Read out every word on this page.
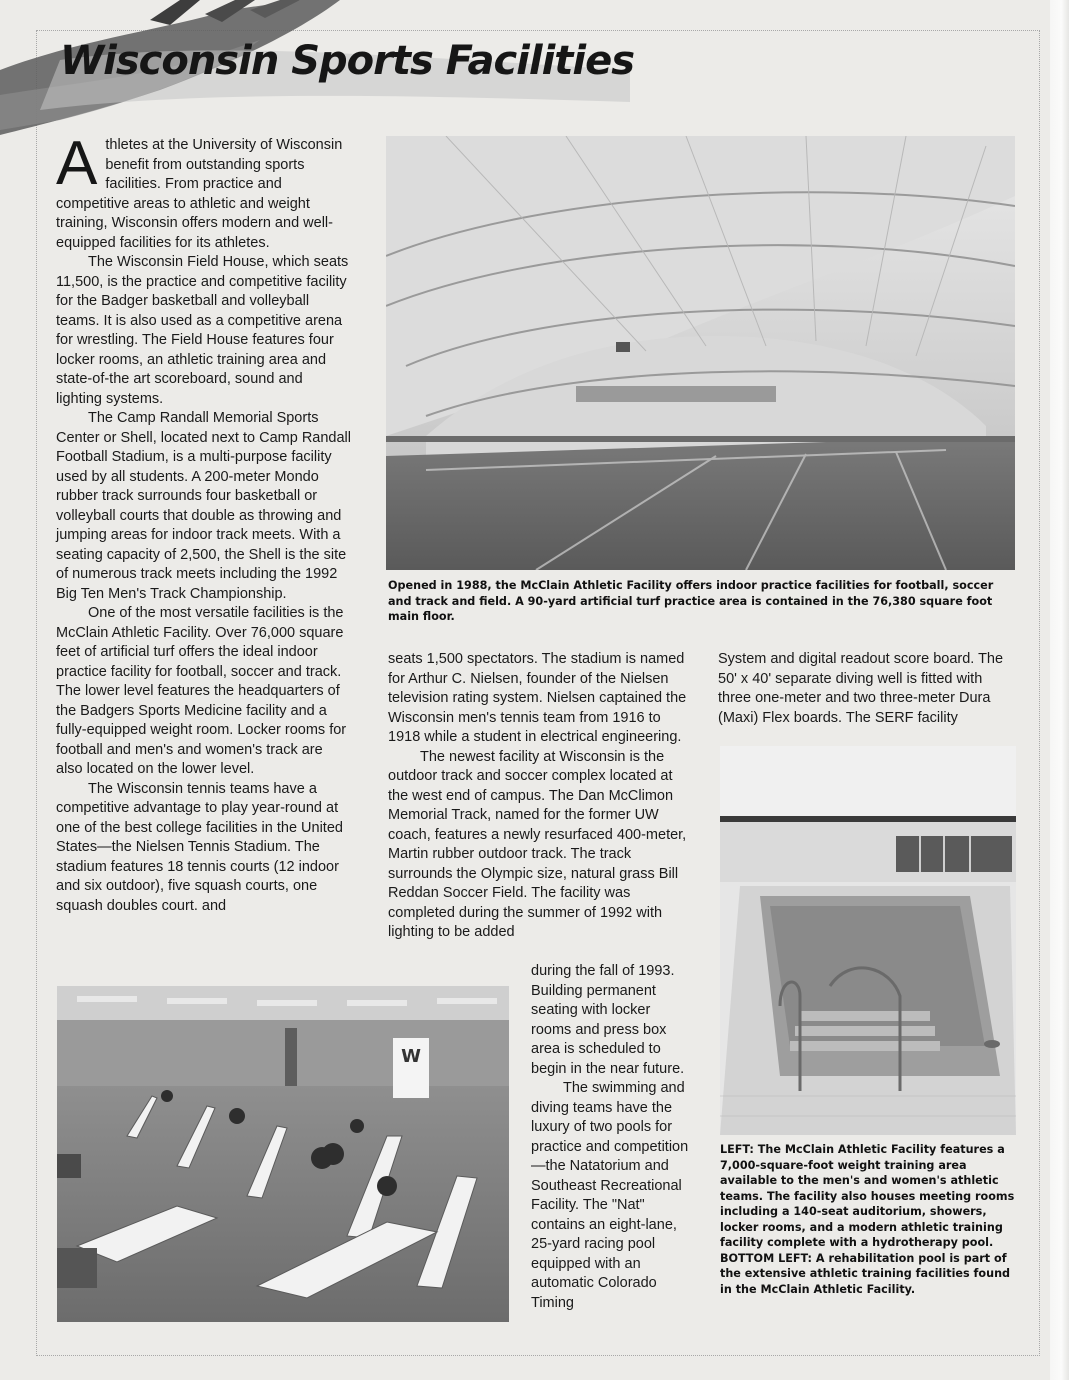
Wisconsin Sports Facilities

Athletes at the University of Wisconsin benefit from outstanding sports facilities. From practice and competitive areas to athletic and weight training, Wisconsin offers modern and well-equipped facilities for its athletes.

The Wisconsin Field House, which seats 11,500, is the practice and competitive facility for the Badger basketball and volleyball teams. It is also used as a competitive arena for wrestling. The Field House features four locker rooms, an athletic training area and state-of-the art scoreboard, sound and lighting systems.

The Camp Randall Memorial Sports Center or Shell, located next to Camp Randall Football Stadium, is a multi-purpose facility used by all students. A 200-meter Mondo rubber track surrounds four basketball or volleyball courts that double as throwing and jumping areas for indoor track meets. With a seating capacity of 2,500, the Shell is the site of numerous track meets including the 1992 Big Ten Men's Track Championship.

One of the most versatile facilities is the McClain Athletic Facility. Over 76,000 square feet of artificial turf offers the ideal indoor practice facility for football, soccer and track. The lower level features the headquarters of the Badgers Sports Medicine facility and a fully-equipped weight room. Locker rooms for football and men's and women's track are also located on the lower level.

The Wisconsin tennis teams have a competitive advantage to play year-round at one of the best college facilities in the United States—the Nielsen Tennis Stadium. The stadium features 18 tennis courts (12 indoor and six outdoor), five squash courts, one squash doubles court. and

Opened in 1988, the McClain Athletic Facility offers indoor practice facilities for football, soccer and track and field. A 90-yard artificial turf practice area is contained in the 76,380 square foot main floor.

seats 1,500 spectators. The stadium is named for Arthur C. Nielsen, founder of the Nielsen television rating system. Nielsen captained the Wisconsin men's tennis team from 1916 to 1918 while a student in electrical engineering.

The newest facility at Wisconsin is the outdoor track and soccer complex located at the west end of campus. The Dan McClimon Memorial Track, named for the former UW coach, features a newly resurfaced 400-meter, Martin rubber outdoor track. The track surrounds the Olympic size, natural grass Bill Reddan Soccer Field. The facility was completed during the summer of 1992 with lighting to be added

during the fall of 1993. Building permanent seating with locker rooms and press box area is scheduled to begin in the near future.

The swimming and diving teams have the luxury of two pools for practice and competition—the Natatorium and Southeast Recreational Facility. The "Nat" contains an eight-lane, 25-yard racing pool equipped with an automatic Colorado Timing

System and digital readout score board. The 50' x 40' separate diving well is fitted with three one-meter and two three-meter Dura (Maxi) Flex boards. The SERF facility

LEFT: The McClain Athletic Facility features a 7,000-square-foot weight training area available to the men's and women's athletic teams. The facility also houses meeting rooms including a 140-seat auditorium, showers, locker rooms, and a modern athletic training facility complete with a hydrotherapy pool.
BOTTOM LEFT: A rehabilitation pool is part of the extensive athletic training facilities found in the McClain Athletic Facility.
W
